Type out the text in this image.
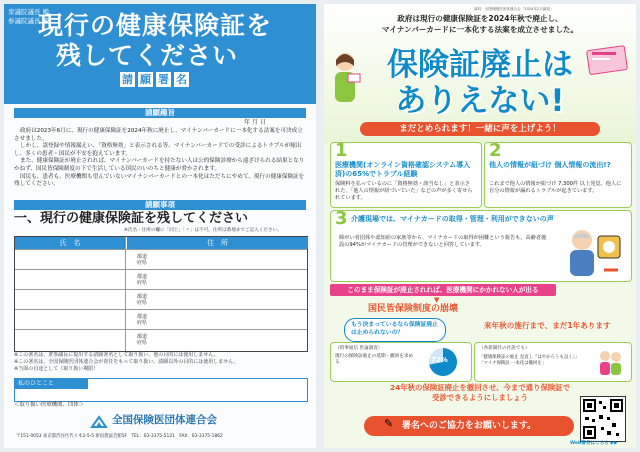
衆議院議長 殿
参議院議長 殿
現行の健康保険証を
残してください
請 願 署 名
請願趣旨
年 月 日
政府は2023年6月に、現行の健康保険証を2024年秋に廃止し、マイナンバーカードに一本化する法案を可決成立させました。
しかし、誤登録や情報漏えい、「資格無効」と表示される等、マイナンバーカードでの受診によるトラブルが頻出し、多くの患者・国民が不安を抱えています。
また、健康保険証が廃止されれば、マイナンバーカードを持たない人は公的保険診療から遠ざけられる結果となりかねず、国民皆保険制度の下で生活している国民のいのちと健康が脅かされます。
国民も、患者も、医療機関も望んでいないマイナンバーカードとの一本化はただちにやめて、現行の健康保険証を残してください。
請願事項
一、現行の健康保険証を残してください
※氏名・住所の欄に「同上」「〃」は不可。住所は番地までご記入ください。
氏　名	住　所
都道
府県
都道
府県
都道
府県
都道
府県
都道
府県
※この署名は、衆参議長に提出する請願署名として取り扱い、他の目的には使用しません。
※この署名は、全国保険医団体連合会が責任をもって取り扱い、請願以外の目的には使用しません。
※当面の目途として（取り扱い期限）
私のひとこと
＜取り扱い医療機関、団体＞
全国保険医団体連合会
〒151-0053 東京都渋谷区代々木2-5-5 新宿農協会館5F　TEL：03-3375-5121　FAX：03-3375-1862
資料：全国保険医団体連合会「2024年2月調査」
政府は現行の健康保険証を2024年秋で廃止し、
マイナンバーカードに一本化する法案を成立させました。
保険証廃止は
ありえない!
まだとめられます！一緒に声を上げよう！
1
医療機関(オンライン資格確認システム導入済)の65%でトラブル経験
保険料を払っているのに「資格無効・該当なし」と表示された、「他人の情報が紐づいていた」などの声が多く寄せられています。
2
他人の情報が紐づけ 個人情報の流出!?
これまで他人の情報が紐づけ 7,300件 以上発覚。他人に自分の情報が漏れるトラブルが起きています。
3 介護現場では、マイナカードの取得・管理・利用ができないの声
障がい者団体や認知症の家族等から、マイナカードの取得が困難という報告も。高齢者施設の94%がマイナカードの管理ができないと回答しています。
このまま保険証が廃止されれば、医療機関にかかれない人が出る
▼
国民皆保険制度の崩壊
もう決まっているなら保険証廃止は止められないの？
来年秋の施行まで、まだ1年あります
（時事通信 世論調査）
現行の保険証廃止の延期・撤回を求める	72%
（各新聞社の社説でも）
「健康保険証の廃止 見直し『はやかろうも良く』」
「マイナ保険証 一本化は撤回を」
24年秋の保険証廃止を撤回させ、今まで通り保険証で
受診できるようにしましょう
署名へのご協力をお願いします。
✎
Web署名はこちら ▶▶
